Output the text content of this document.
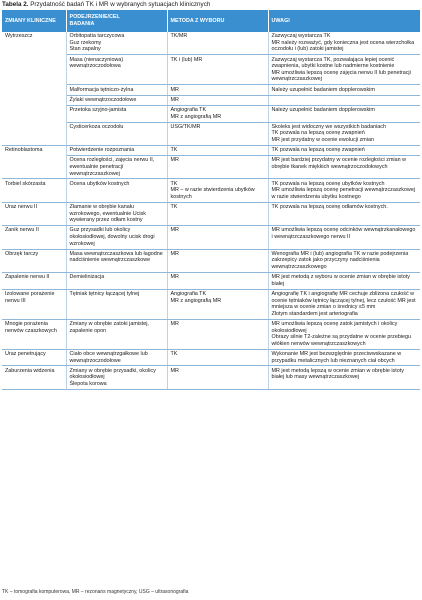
Tabela 2. Przydatność badań TK i MR w wybranych sytuacjach klinicznych
ZMIANY KLINICZNE	PODEJRZENIE/CEL
BADANIA	METODA Z WYBORU	UWAGI
Wytrzeszcz	Orbitopatia tarczycowa
Guz rzekomy
Stan zapalny	TK/MR	Zazwyczaj wystarcza TK
MR należy rozważyć, gdy konieczna jest ocena wierzchołka oczodołu i (lub) zatoki jamistej
	Masa (nienaczyniowa) wewnątrzoczodołowa	TK i (lub) MR	Zazwyczaj wystarcza TK, pozwalająca lepiej ocenić zwapnienia, ubytki kostne lub nadmierne kostnienie
MR umożliwia lepszą ocenę zajęcia nerwu II lub penetracji wewnątrzczaszkowej
	Malformacja tętniczo-żylna	MR	Należy uzupełnić badaniem dopplerowskim
	Żylaki wewnątrzoczodołowe	MR	
	Przetoka szyjno-jamista	Angiografia TK
MR z angiografią MR	Należy uzupełnić badaniem dopplerowskim
	Cysticerkoza oczodołu	USG/TK/MR	Skoleks jest widoczny we wszystkich badaniach
TK pozwala na lepszą ocenę zwapnień
MR jest przydatny w ocenie ewolucji zmian
Retinoblastoma	Potwierdzenie rozpoznania	TK	TK pozwala na lepszą ocenę zwapnień
	Ocena rozległości, zajęcia nerwu II, ewentualnie penetracji wewnątrzczaszkowej	MR	MR jest bardziej przydatny w ocenie rozległości zmian w obrębie tkanek miękkich wewnątrzoczodołowych
Torbiel skórzasta	Ocena ubytków kostnych	TK
MR – w razie stwierdzenia ubytków kostnych	TK pozwala na lepszą ocenę ubytków kostnych
MR umożliwia lepszą ocenę penetracji wewnątrzczaszkowej w razie stwierdzenia ubytku kostnego
Uraz nerwu II	Złamanie w obrębie kanału wzrokowego, ewentualnie Ucisk wywierany przez odłam kostny	TK	TK pozwala na lepszą ocenę odłamów kostnych.
Zanik nerwu II	Guz przysadki lub okolicy okołosiodłowej, dowolny ucisk drogi wzrokowej	MR	MR umożliwia lepszą ocenę odcinków wewnątrzkanałowego i wewnątrzczaszkowego nerwu II
Obrzęk tarczy	Masa wewnątrzczaszkowa lub łagodne nadciśnienie wewnątrzczaszkowe	MR	Wenografia MR i (lub) angiografia TK w razie podejrzenia zakrzepicy zatok jako przyczyny nadciśnienia wewnątrzczaszkowego
Zapalenie nerwu II	Demielinizacja	MR	MR jest metodą z wyboru w ocenie zmian w obrębie istoty białej
Izolowane porażenie nerwu III	Tętniak tętnicy łączącej tylnej	Angiografia TK
MR z angiografią MR	Angiografię TK i angiografię MR cechuje zbliżona czułość w ocenie tętniaków tętnicy łączącej tylnej, lecz czułość MR jest mniejsza w ocenie zmian o średnicy ≤5 mm
Złotym standardem jest arteriografia
Mnogie porażenia nerwów czaszkowych	Zmiany w obrębie zatoki jamistej, zapalenie opon	MR	MR umożliwia lepszą ocenę zatok jamistych i okolicy okołosiodłowej
Obrazy silnie T2-zależne są przydatne w ocenie przebiegu włókien nerwów wewnątrzczaszkowych
Uraz penetrujący	Ciało obce wewnątrzgałkowe lub wewnątrzoczodołowe	TK	Wykonanie MR jest bezwzględnie przeciwwskazane w przypadku metalicznych lub nieznanych ciał obcych
Zaburzenia widzenia	Zmiany w obrębie przysadki, okolicy okołosiodłowej
Ślepota korowa	MR	MR jest metodą lepszą w ocenie zmian w obrębie istoty białej lub masy wewnątrzczaszkowej
TK – tomografia komputerowa, MR – rezonans magnetyczny, USG – ultrasonografia
